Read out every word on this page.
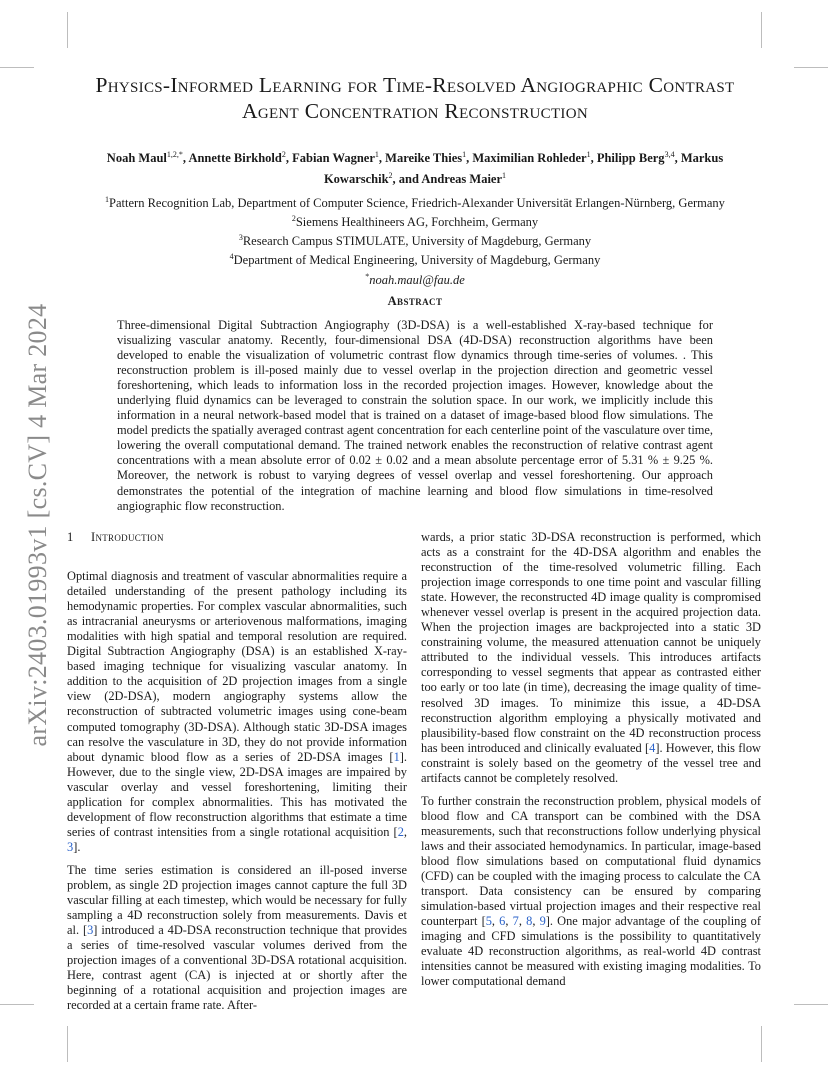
arXiv:2403.01993v1 [cs.CV] 4 Mar 2024
Physics-Informed Learning for Time-Resolved Angiographic Contrast
Agent Concentration Reconstruction
Noah Maul$^{1,2,*}$, Annette Birkhold$^2$, Fabian Wagner$^1$, Mareike Thies$^1$, Maximilian Rohleder$^1$, Philipp Berg$^{3,4}$, Markus Kowarschik$^2$, and Andreas Maier$^1$
$^1$Pattern Recognition Lab, Department of Computer Science, Friedrich-Alexander Universität Erlangen-Nürnberg, Germany
$^2$Siemens Healthineers AG, Forchheim, Germany
$^3$Research Campus STIMULATE, University of Magdeburg, Germany
$^4$Department of Medical Engineering, University of Magdeburg, Germany
*noah.maul@fau.de
Abstract
Three-dimensional Digital Subtraction Angiography (3D-DSA) is a well-established X-ray-based technique for visualizing vascular anatomy. Recently, four-dimensional DSA (4D-DSA) reconstruction algorithms have been developed to enable the visualization of volumetric contrast flow dynamics through time-series of volumes. . This reconstruction problem is ill-posed mainly due to vessel overlap in the projection direction and geometric vessel foreshortening, which leads to information loss in the recorded projection images. However, knowledge about the underlying fluid dynamics can be leveraged to constrain the solution space. In our work, we implicitly include this information in a neural network-based model that is trained on a dataset of image-based blood flow simulations. The model predicts the spatially averaged contrast agent concentration for each centerline point of the vasculature over time, lowering the overall computational demand. The trained network enables the reconstruction of relative contrast agent concentrations with a mean absolute error of 0.02 ± 0.02 and a mean absolute percentage error of 5.31 % ± 9.25 %. Moreover, the network is robust to varying degrees of vessel overlap and vessel foreshortening. Our approach demonstrates the potential of the integration of machine learning and blood flow simulations in time-resolved angiographic flow reconstruction.
1 Introduction

Optimal diagnosis and treatment of vascular abnormalities require a detailed understanding of the present pathology including its hemodynamic properties. For complex vascular abnormalities, such as intracranial aneurysms or arteriovenous malformations, imaging modalities with high spatial and temporal resolution are required. Digital Subtraction Angiography (DSA) is an established X-ray-based imaging technique for visualizing vascular anatomy. In addition to the acquisition of 2D projection images from a single view (2D-DSA), modern angiography systems allow the reconstruction of subtracted volumetric images using cone-beam computed tomography (3D-DSA). Although static 3D-DSA images can resolve the vasculature in 3D, they do not provide information about dynamic blood flow as a series of 2D-DSA images [1]. However, due to the single view, 2D-DSA images are impaired by vascular overlay and vessel foreshortening, limiting their application for complex abnormalities. This has motivated the development of flow reconstruction algorithms that estimate a time series of contrast intensities from a single rotational acquisition [2, 3].

The time series estimation is considered an ill-posed inverse problem, as single 2D projection images cannot capture the full 3D vascular filling at each timestep, which would be necessary for fully sampling a 4D reconstruction solely from measurements. Davis et al. [3] introduced a 4D-DSA reconstruction technique that provides a series of time-resolved vascular volumes derived from the projection images of a conventional 3D-DSA rotational acquisition. Here, contrast agent (CA) is injected at or shortly after the beginning of a rotational acquisition and projection images are recorded at a certain frame rate. After-

wards, a prior static 3D-DSA reconstruction is performed, which acts as a constraint for the 4D-DSA algorithm and enables the reconstruction of the time-resolved volumetric filling. Each projection image corresponds to one time point and vascular filling state. However, the reconstructed 4D image quality is compromised whenever vessel overlap is present in the acquired projection data. When the projection images are backprojected into a static 3D constraining volume, the measured attenuation cannot be uniquely attributed to the individual vessels. This introduces artifacts corresponding to vessel segments that appear as contrasted either too early or too late (in time), decreasing the image quality of time-resolved 3D images. To minimize this issue, a 4D-DSA reconstruction algorithm employing a physically motivated and plausibility-based flow constraint on the 4D reconstruction process has been introduced and clinically evaluated [4]. However, this flow constraint is solely based on the geometry of the vessel tree and artifacts cannot be completely resolved.

To further constrain the reconstruction problem, physical models of blood flow and CA transport can be combined with the DSA measurements, such that reconstructions follow underlying physical laws and their associated hemodynamics. In particular, image-based blood flow simulations based on computational fluid dynamics (CFD) can be coupled with the imaging process to calculate the CA transport. Data consistency can be ensured by comparing simulation-based virtual projection images and their respective real counterpart [5, 6, 7, 8, 9]. One major advantage of the coupling of imaging and CFD simulations is the possibility to quantitatively evaluate 4D reconstruction algorithms, as real-world 4D contrast intensities cannot be measured with existing imaging modalities. To lower computational demand
